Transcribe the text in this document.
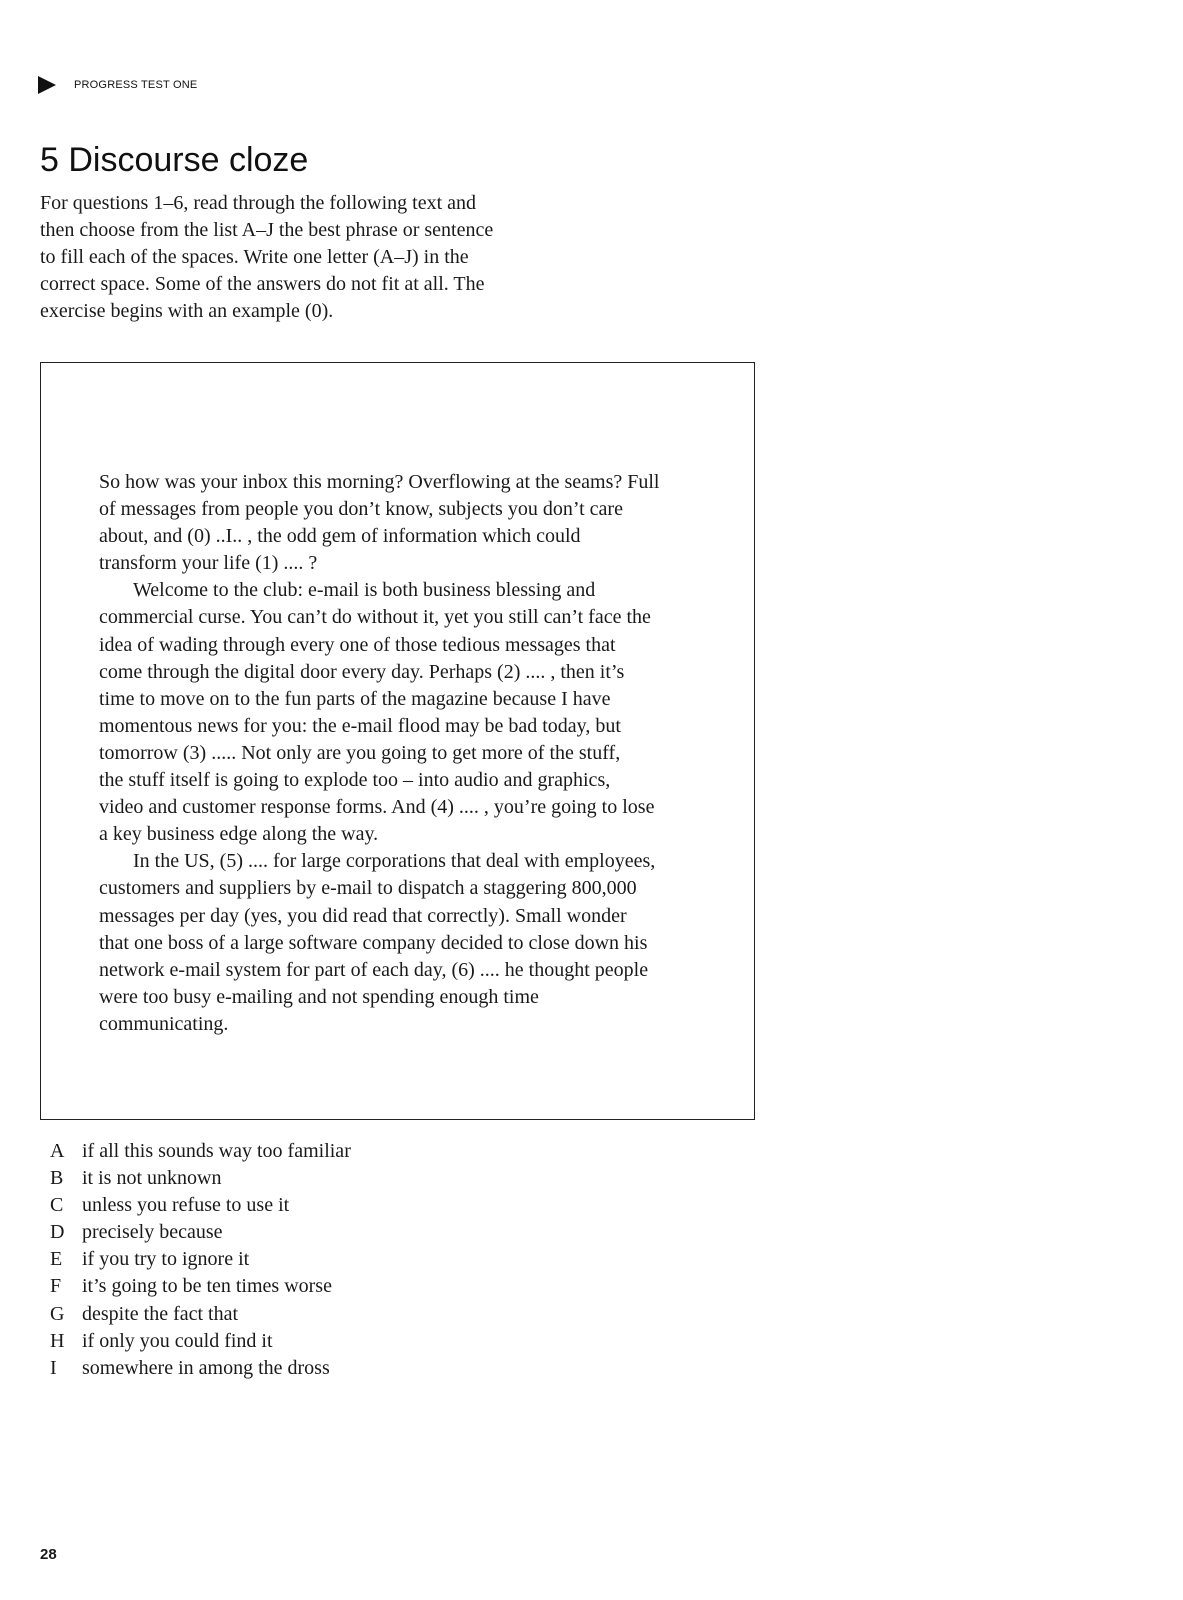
PROGRESS TEST ONE
5 Discourse cloze

For questions 1–6, read through the following text and
then choose from the list A–J the best phrase or sentence
to fill each of the spaces. Write one letter (A–J) in the
correct space. Some of the answers do not fit at all. The
exercise begins with an example (0).

So how was your inbox this morning? Overflowing at the seams? Full
of messages from people you don’t know, subjects you don’t care
about, and (0) ..I.. , the odd gem of information which could
transform your life (1) .... ?
Welcome to the club: e-mail is both business blessing and
commercial curse. You can’t do without it, yet you still can’t face the
idea of wading through every one of those tedious messages that
come through the digital door every day. Perhaps (2) .... , then it’s
time to move on to the fun parts of the magazine because I have
momentous news for you: the e-mail flood may be bad today, but
tomorrow (3) ..... Not only are you going to get more of the stuff,
the stuff itself is going to explode too – into audio and graphics,
video and customer response forms. And (4) .... , you’re going to lose
a key business edge along the way.
In the US, (5) .... for large corporations that deal with employees,
customers and suppliers by e-mail to dispatch a staggering 800,000
messages per day (yes, you did read that correctly). Small wonder
that one boss of a large software company decided to close down his
network e-mail system for part of each day, (6) .... he thought people
were too busy e-mailing and not spending enough time
communicating.
A if all this sounds way too familiar
B it is not unknown
C unless you refuse to use it
D precisely because
E if you try to ignore it
F	it’s going to be ten times worse
G despite the fact that
H if only you could find it
I	somewhere in among the dross
28
